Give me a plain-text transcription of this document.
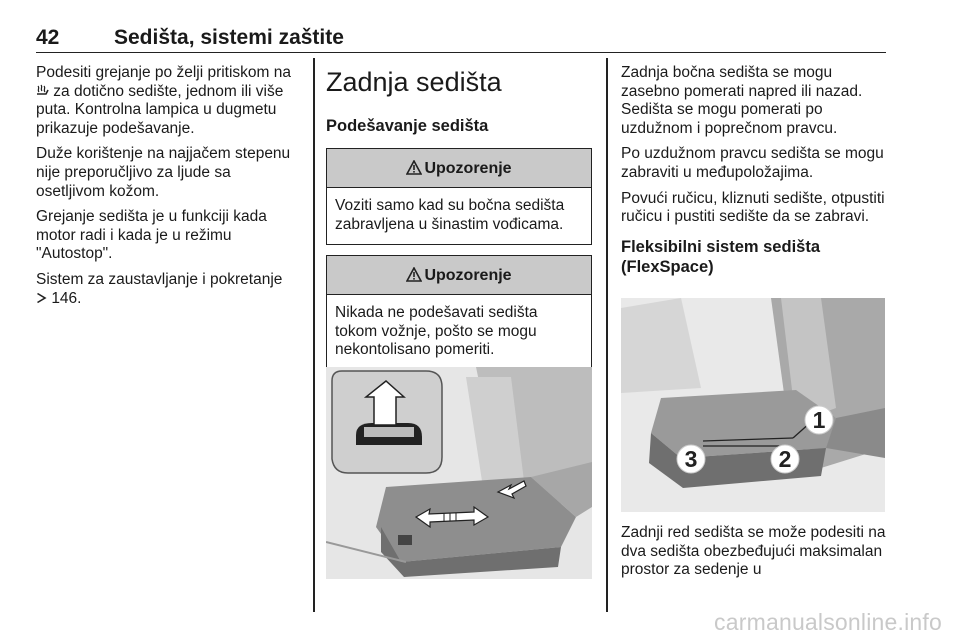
42	Sedišta, sistemi zaštite

Podesiti grejanje po želji pritiskom na  za dotično sedište, jednom ili više puta. Kontrolna lampica u dugmetu prikazuje podešavanje.

Duže korištenje na najjačem stepenu nije preporučljivo za ljude sa osetljivom kožom.

Grejanje sedišta je u funkciji kada motor radi i kada je u režimu "Autostop".

Sistem za zaustavljanje i pokretanje
146.

Zadnja sedišta
Podešavanje sedišta
Upozorenje
Voziti samo kad su bočna sedišta zabravljena u šinastim vođicama.
Upozorenje
Nikada ne podešavati sedišta tokom vožnje, pošto se mogu nekontolisano pomeriti.

Zadnja bočna sedišta se mogu zasebno pomerati napred ili nazad. Sedišta se mogu pomerati po uzdužnom i poprečnom pravcu.

Po uzdužnom pravcu sedišta se mogu zabraviti u međupoložajima.

Povući ručicu, kliznuti sedište, otpustiti ručicu i pustiti sedište da se zabravi.

Fleksibilni sistem sedišta (FlexSpace)
1
2
3

Zadnji red sedišta se može podesiti na dva sedišta obezbeđujući maksimalan prostor za sedenje u

carmanualsonline.info
